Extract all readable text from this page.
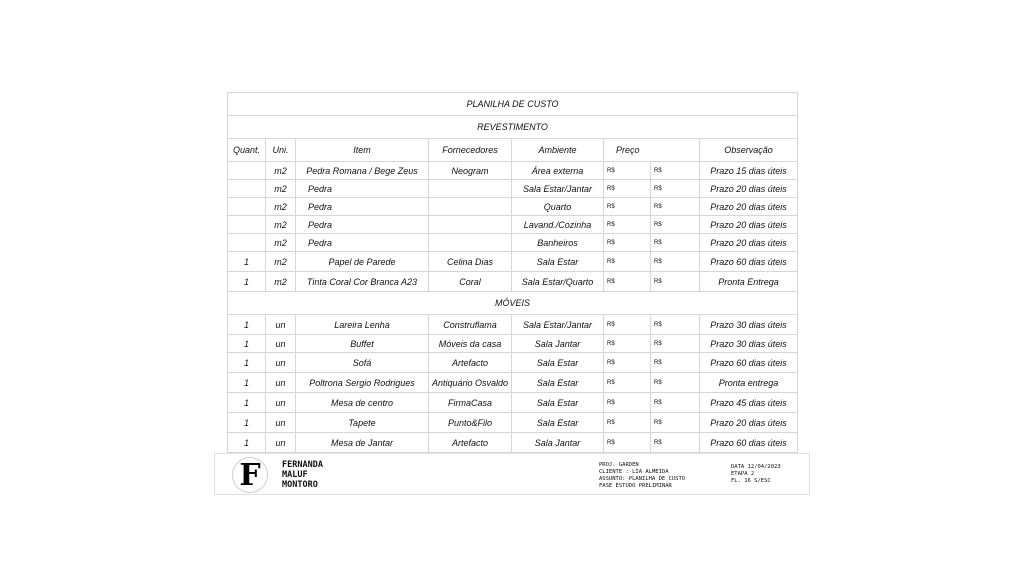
PLANILHA DE CUSTO							
REVESTIMENTO							
Quant.	Uni.	Item	Fornecedores	Ambiente	Preço		Observação
	m2	Pedra Romana / Bege Zeus	Neogram	Área externa	R$	R$	Prazo 15 dias úteis
	m2	Pedra		Sala Estar/Jantar	R$	R$	Prazo 20 dias úteis
	m2	Pedra		Quarto	R$	R$	Prazo 20 dias úteis
	m2	Pedra		Lavand./Cozinha	R$	R$	Prazo 20 dias úteis
	m2	Pedra		Banheiros	R$	R$	Prazo 20 dias úteis
1	m2	Papel de Parede	Celina Dias	Sala Estar	R$	R$	Prazo 60 dias úteis
1	m2	Tinta Coral Cor Branca A23	Coral	Sala Estar/Quarto	R$	R$	Pronta Entrega
MÓVEIS							
1	un	Lareira Lenha	Construflama	Sala Estar/Jantar	R$	R$	Prazo 30 dias úteis
1	un	Buffet	Móveis da casa	Sala Jantar	R$	R$	Prazo 30 dias úteis
1	un	Sofá	Artefacto	Sala Estar	R$	R$	Prazo 60 dias úteis
1	un	Poltrona Sergio Rodrigues	Antiquário Osvaldo	Sala Estar	R$	R$	Pronta entrega
1	un	Mesa de centro	FirmaCasa	Sala Estar	R$	R$	Prazo 45 dias úteis
1	un	Tapete	Punto&Filo	Sala Estar	R$	R$	Prazo 20 dias úteis
1	un	Mesa de Jantar	Artefacto	Sala Jantar	R$	R$	Prazo 60 dias úteis
F	FERNANDA
MALUF
MONTORO
PROJ. GARDEN
CLIENTE : LIA ALMEIDA
ASSUNTO: PLANILHA DE CUSTO
FASE ESTUDO PRELIMINAR
DATA 12/04/2023
ETAPA 2
FL. 16 S/ESC
